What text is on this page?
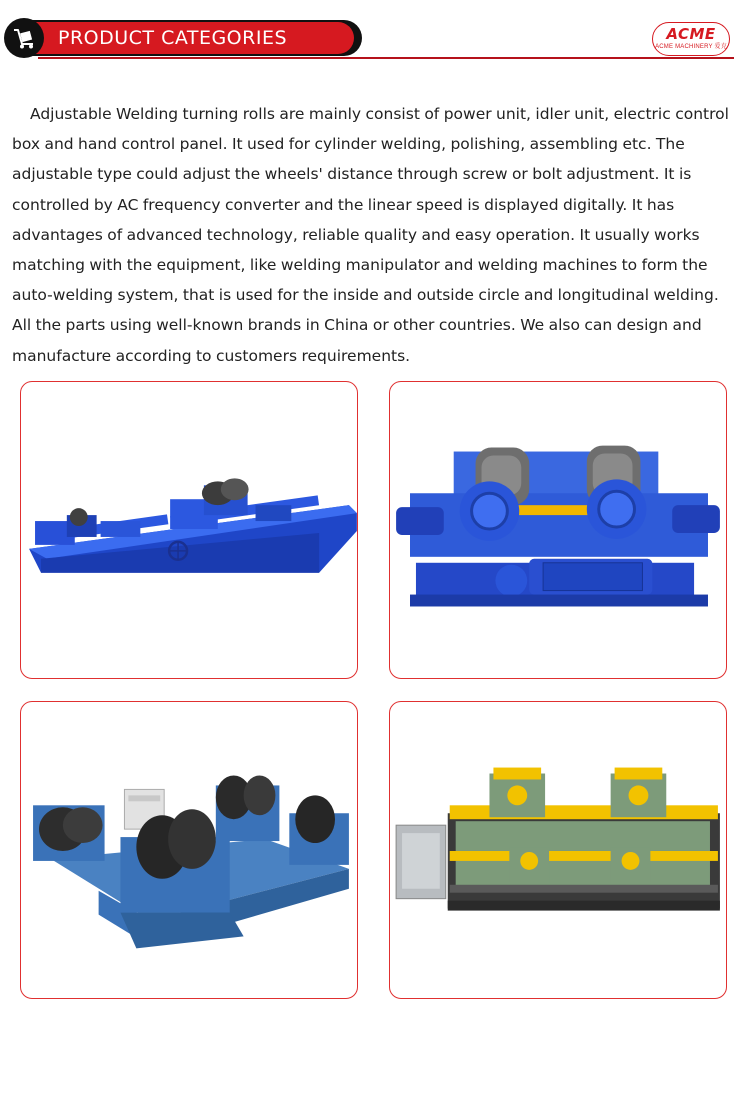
PRODUCT CATEGORIES	ACME
ACME MACHINERY 爱克

Adjustable Welding turning rolls are mainly consist of power unit, idler unit, electric control box and hand control panel. It used for cylinder welding, polishing, assembling etc. The adjustable type could adjust the wheels' distance through screw or bolt adjustment. It is controlled by AC frequency converter and the linear speed is displayed digitally. It has advantages of advanced technology, reliable quality and easy operation. It usually works matching with the equipment, like welding manipulator and welding machines to form the auto-welding system, that is used for the inside and outside circle and longitudinal welding. All the parts using well-known brands in China or other countries. We also can design and manufacture according to customers requirements.
